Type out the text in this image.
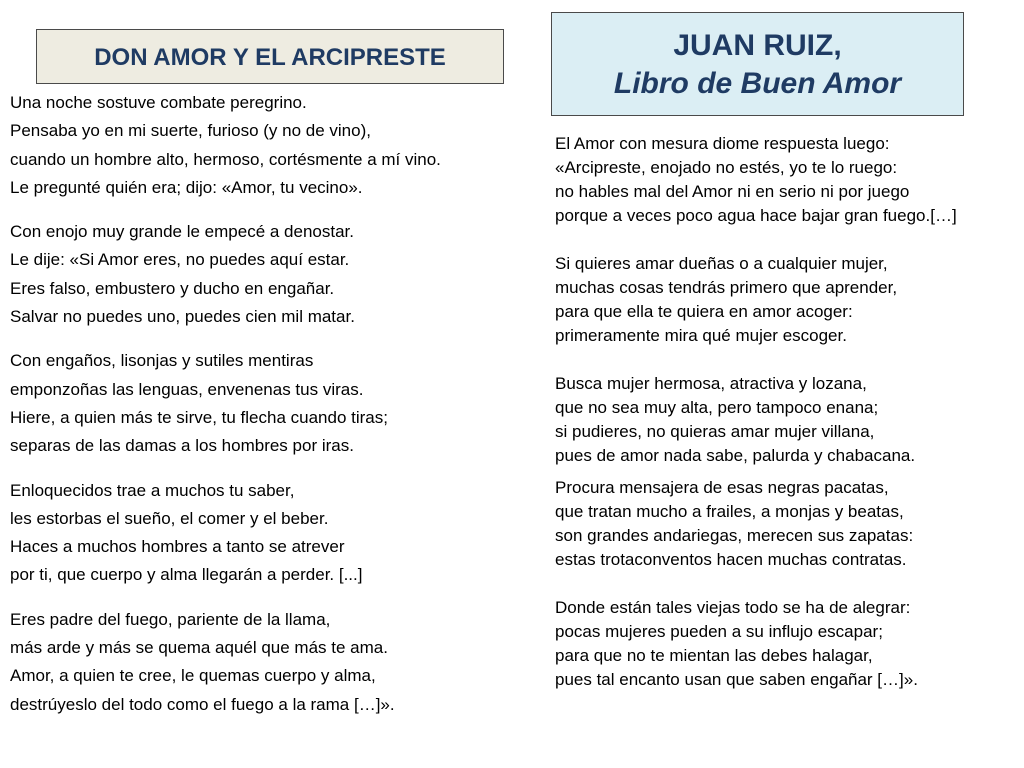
DON AMOR Y EL ARCIPRESTE	JUAN RUIZ,
Libro de Buen Amor
Una noche sostuve combate peregrino.
Pensaba yo en mi suerte, furioso (y no de vino),
cuando un hombre alto, hermoso, cortésmente a mí vino.
Le pregunté quién era; dijo: «Amor, tu vecino».
Con enojo muy grande le empecé a denostar.
Le dije: «Si Amor eres, no puedes aquí estar.
Eres falso, embustero y ducho en engañar.
Salvar no puedes uno, puedes cien mil matar.
Con engaños, lisonjas y sutiles mentiras
emponzoñas las lenguas, envenenas tus viras.
Hiere, a quien más te sirve, tu flecha cuando tiras;
separas de las damas a los hombres por iras.
Enloquecidos trae a muchos tu saber,
les estorbas el sueño, el comer y el beber.
Haces a muchos hombres a tanto se atrever
por ti, que cuerpo y alma llegarán a perder. [...]
Eres padre del fuego, pariente de la llama,
más arde y más se quema aquél que más te ama.
Amor, a quien te cree, le quemas cuerpo y alma,
destrúyeslo del todo como el fuego a la rama […]».
El Amor con mesura diome respuesta luego:
«Arcipreste, enojado no estés, yo te lo ruego:
no hables mal del Amor ni en serio ni por juego
porque a veces poco agua hace bajar gran fuego.[…]
Si quieres amar dueñas o a cualquier mujer,
muchas cosas tendrás primero que aprender,
para que ella te quiera en amor acoger:
primeramente mira qué mujer escoger.
Busca mujer hermosa, atractiva y lozana,
que no sea muy alta, pero tampoco enana;
si pudieres, no quieras amar mujer villana,
pues de amor nada sabe, palurda y chabacana.
Procura mensajera de esas negras pacatas,
que tratan mucho a frailes, a monjas y beatas,
son grandes andariegas, merecen sus zapatas:
estas trotaconventos hacen muchas contratas.
Donde están tales viejas todo se ha de alegrar:
pocas mujeres pueden a su influjo escapar;
para que no te mientan las debes halagar,
pues tal encanto usan que saben engañar […]».
